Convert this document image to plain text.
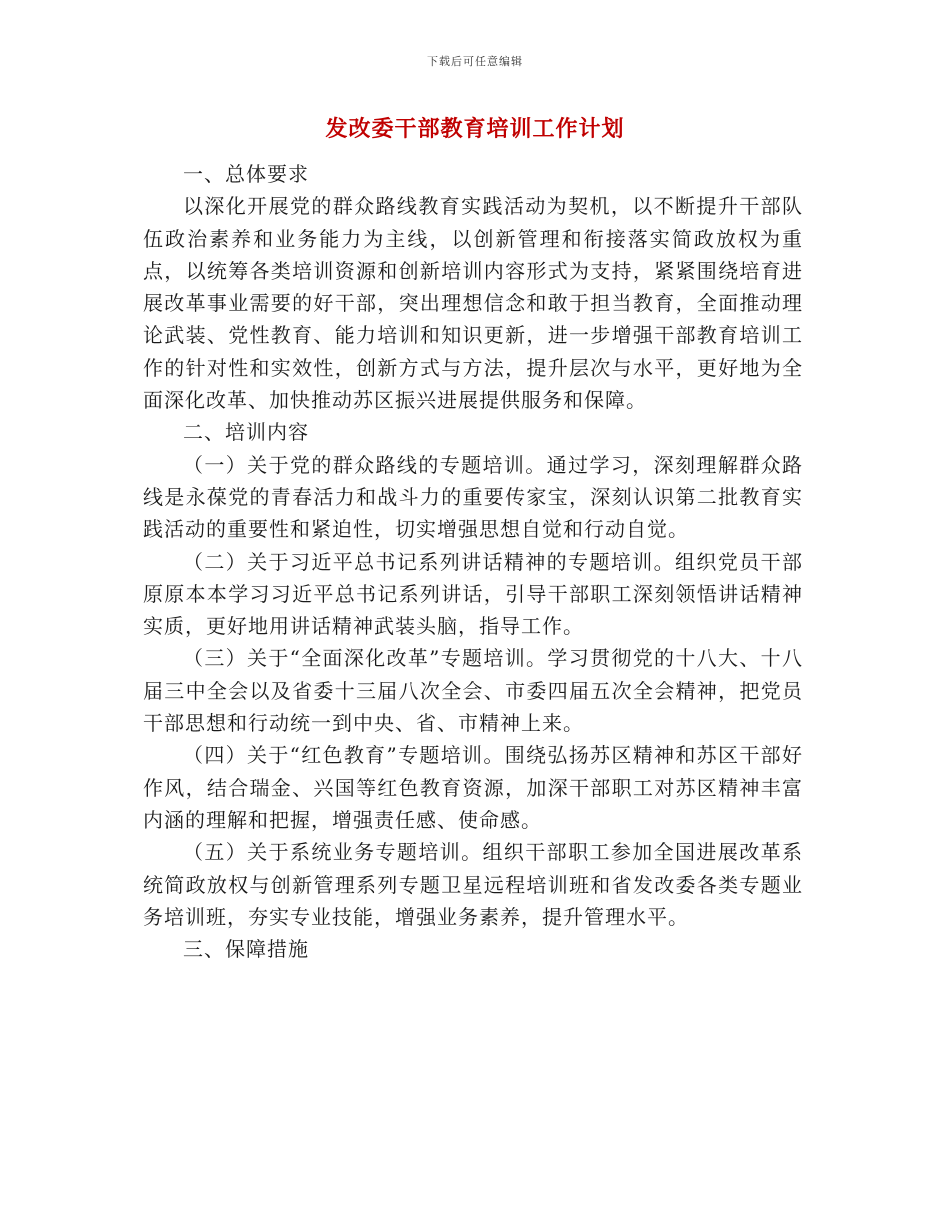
下载后可任意编辑
发改委干部教育培训工作计划
一、总体要求

以深化开展党的群众路线教育实践活动为契机，以不断提升干部队伍政治素养和业务能力为主线，以创新管理和衔接落实简政放权为重点，以统筹各类培训资源和创新培训内容形式为支持，紧紧围绕培育进展改革事业需要的好干部，突出理想信念和敢于担当教育，全面推动理论武装、党性教育、能力培训和知识更新，进一步增强干部教育培训工作的针对性和实效性，创新方式与方法，提升层次与水平，更好地为全面深化改革、加快推动苏区振兴进展提供服务和保障。

二、培训内容

（一）关于党的群众路线的专题培训。通过学习，深刻理解群众路线是永葆党的青春活力和战斗力的重要传家宝，深刻认识第二批教育实践活动的重要性和紧迫性，切实增强思想自觉和行动自觉。

（二）关于习近平总书记系列讲话精神的专题培训。组织党员干部原原本本学习习近平总书记系列讲话，引导干部职工深刻领悟讲话精神实质，更好地用讲话精神武装头脑，指导工作。

（三）关于“全面深化改革”专题培训。学习贯彻党的十八大、十八届三中全会以及省委十三届八次全会、市委四届五次全会精神，把党员干部思想和行动统一到中央、省、市精神上来。

（四）关于“红色教育”专题培训。围绕弘扬苏区精神和苏区干部好作风，结合瑞金、兴国等红色教育资源，加深干部职工对苏区精神丰富内涵的理解和把握，增强责任感、使命感。

（五）关于系统业务专题培训。组织干部职工参加全国进展改革系统简政放权与创新管理系列专题卫星远程培训班和省发改委各类专题业务培训班，夯实专业技能，增强业务素养，提升管理水平。

三、保障措施
